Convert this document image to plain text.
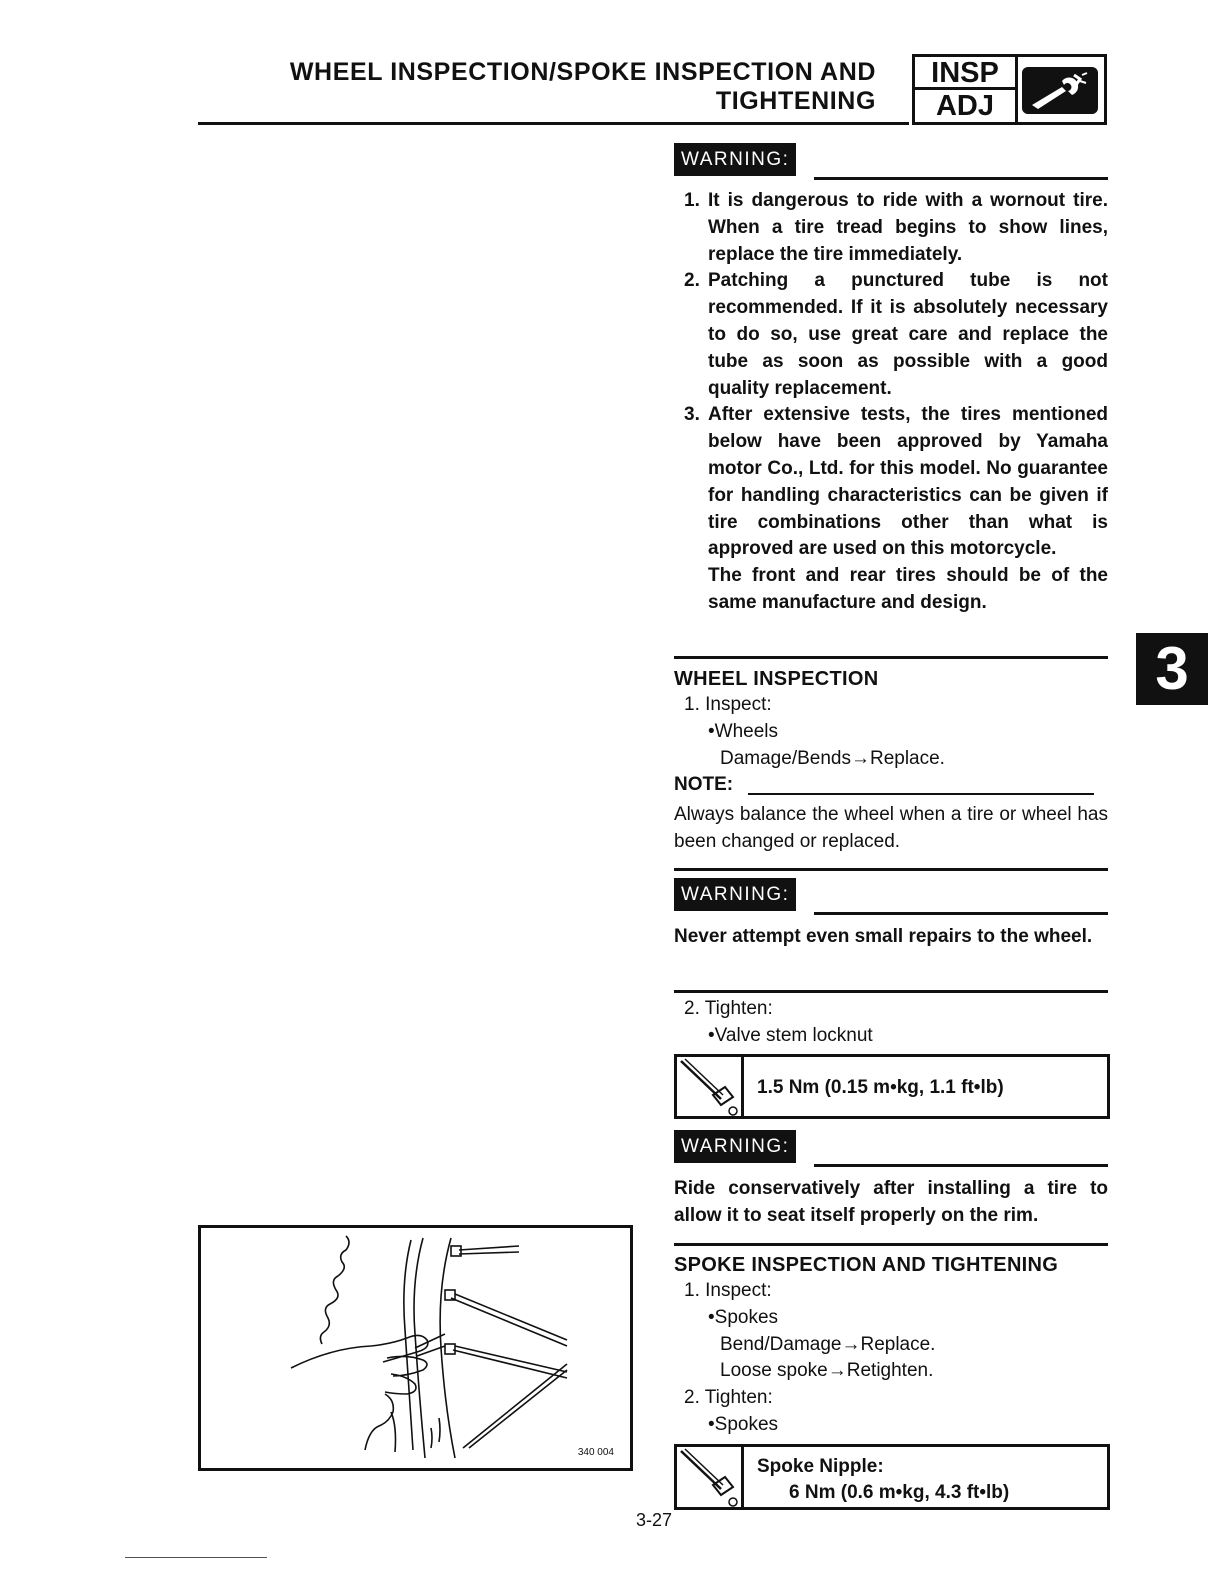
WHEEL INSPECTION/SPOKE INSPECTION AND
TIGHTENING
INSP
ADJ
3
WARNING:
1. It is dangerous to ride with a wornout tire. When a tire tread begins to show lines, replace the tire immediately.
2. Patching a punctured tube is not recommended. If it is absolutely necessary to do so, use great care and replace the tube as soon as possible with a good quality replacement.
3. After extensive tests, the tires mentioned below have been approved by Yamaha motor Co., Ltd. for this model. No guarantee for handling characteristics can be given if tire combinations other than what is approved are used on this motorcycle.
The front and rear tires should be of the same manufacture and design.
WHEEL INSPECTION
1. Inspect:
•Wheels
Damage/Bends→Replace.
NOTE:
Always balance the wheel when a tire or wheel has been changed or replaced.
WARNING:
Never attempt even small repairs to the wheel.
2. Tighten:
•Valve stem locknut
1.5 Nm (0.15 m•kg, 1.1 ft•lb)
WARNING:
Ride conservatively after installing a tire to allow it to seat itself properly on the rim.
SPOKE INSPECTION AND TIGHTENING
1. Inspect:
•Spokes
Bend/Damage→Replace.
Loose spoke→Retighten.
2. Tighten:
•Spokes
Spoke Nipple:
6 Nm (0.6 m•kg, 4.3 ft•lb)
340 004
3-27
